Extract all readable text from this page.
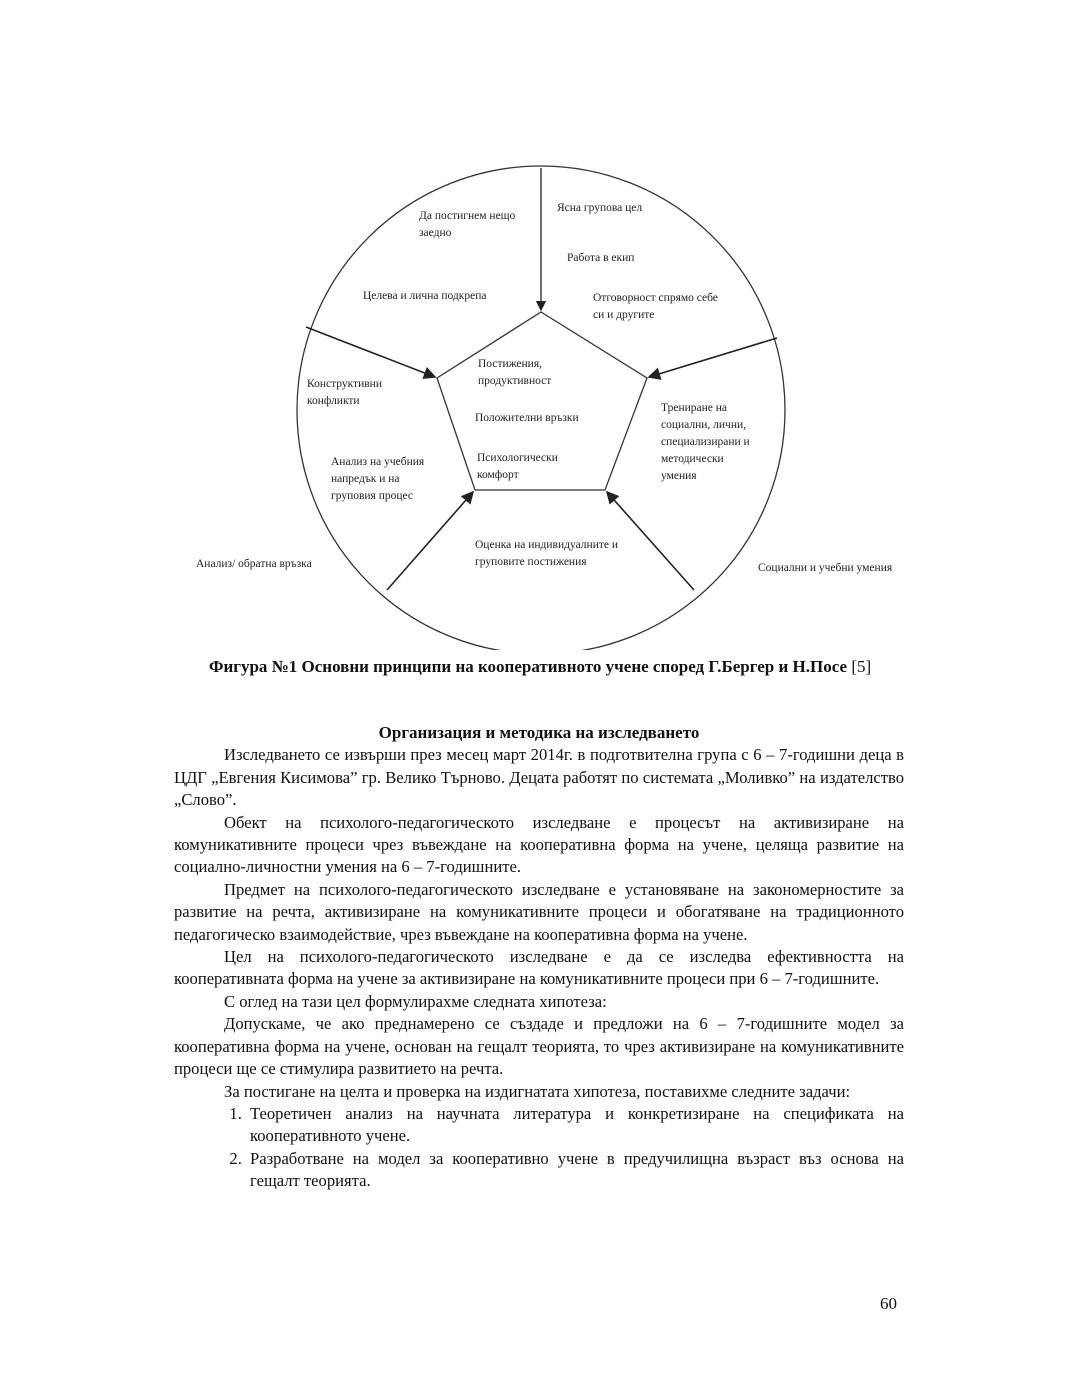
Да постигнем нещо заедно
Целева и лична подкрепа
Ясна групова цел
Работа в екип
Отговорност спрямо себе си и другите
Постижения, продуктивност
Положителни връзки
Психологически комфорт
Конструктивни конфликти
Анализ на учебния напредък и на груповия процес
Трениране на социални, лични, специализирани и методически умения
Оценка на индивидуалните и груповите постижения
Анализ/ обратна връзка	Социални и учебни умения
Фигура №1 Основни принципи на кооперативното учене според Г.Бергер и Н.Посе [5]
Организация и методика на изследването

Изследването се извърши през месец март 2014г. в подготвителна група с 6 – 7-годишни деца в ЦДГ „Евгения Кисимова” гр. Велико Търново. Децата работят по системата „Моливко” на издателство „Слово”.

Обект на психолого-педагогическото изследване е процесът на активизиране на комуникативните процеси чрез въвеждане на кооперативна форма на учене, целяща развитие на социално-личностни умения на 6 – 7-годишните.

Предмет на психолого-педагогическото изследване е установяване на закономерностите за развитие на речта, активизиране на комуникативните процеси и обогатяване на традиционното педагогическо взаимодействие, чрез въвеждане на кооперативна форма на учене.

Цел на психолого-педагогическото изследване е да се изследва ефективността на кооперативната форма на учене за активизиране на комуникативните процеси при 6 – 7-годишните.

С оглед на тази цел формулирахме следната хипотеза:

Допускаме, че ако преднамерено се създаде и предложи на 6 – 7-годишните модел за кооперативна форма на учене, основан на гещалт теорията, то чрез активизиране на комуникативните процеси ще се стимулира развитието на речта.

За постигане на целта и проверка на издигнатата хипотеза, поставихме следните задачи:

1. Теоретичен анализ на научната литература и конкретизиране на спецификата на кооперативното учене.
2. Разработване на модел за кооперативно учене в предучилищна възраст въз основа на гещалт теорията.
60
